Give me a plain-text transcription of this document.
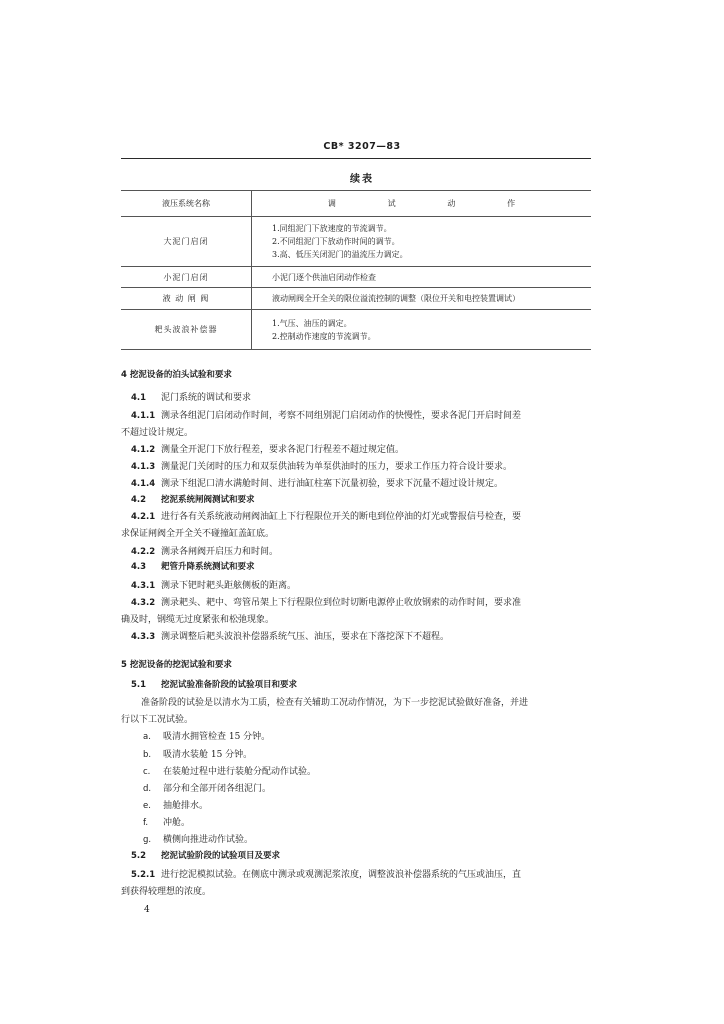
CB* 3207—83
续表
液压系统名称	调 试 动 作

大泥门启闭	1.同组泥门下放速度的节流调节。
2.不同组泥门下放动作时间的调节。
3.高、低压关闭泥门的溢流压力调定。

小泥门启闭	小泥门逐个供油启闭动作检查

液 动 闸 阀	液动闸阀全开全关的限位溢流控制的调整（限位开关和电控装置调试）

耙头波浪补偿器	1.气压、油压的调定。
2.控制动作速度的节流调节。
4 挖泥设备的泊头试验和要求
4.1 泥门系统的调试和要求
4.1.1 测录各组泥门启闭动作时间，考察不同组别泥门启闭动作的快慢性，要求各泥门开启时间差
不超过设计规定。
4.1.2 测量全开泥门下放行程差，要求各泥门行程差不超过规定值。
4.1.3 测量泥门关闭时的压力和双泵供油转为单泵供油时的压力，要求工作压力符合设计要求。
4.1.4 测录下组泥口清水满舱时间、进行油缸柱塞下沉量初验，要求下沉量不超过设计规定。
4.2 挖泥系统闸阀测试和要求
4.2.1 进行各有关系统液动闸阀油缸上下行程限位开关的断电到位停油的灯光或警报信号检查，要
求保证闸阀全开全关不碰撞缸盖缸底。
4.2.2 测录各闸阀开启压力和时间。
4.3 耙管升降系统测试和要求
4.3.1 测录下钯时耙头距舷侧板的距离。
4.3.2 测录耙头、耙中、弯管吊架上下行程限位到位时切断电源停止收放钢索的动作时间，要求准
确及时，钢缆无过度紧张和松弛现象。
4.3.3 测录调整后耙头波浪补偿器系统气压、油压，要求在下落挖深下不超程。
5 挖泥设备的挖泥试验和要求
5.1 挖泥试验准备阶段的试验项目和要求
准备阶段的试验是以清水为工质，检查有关辅助工况动作情况，为下一步挖泥试验做好准备，并进
行以下工况试验。
a. 吸清水拥管检查 15 分钟。
b. 吸清水装舱 15 分钟。
c. 在装舱过程中进行装舱分配动作试验。
d. 部分和全部开闭各组泥门。
e. 抽舱排水。
f. 冲舱。
g. 横侧向推进动作试验。
5.2 挖泥试验阶段的试验项目及要求
5.2.1 进行挖泥模拟试验。在侧底中测录或观测泥浆浓度，调整波浪补偿器系统的气压或油压，直
到获得较理想的浓度。
4
